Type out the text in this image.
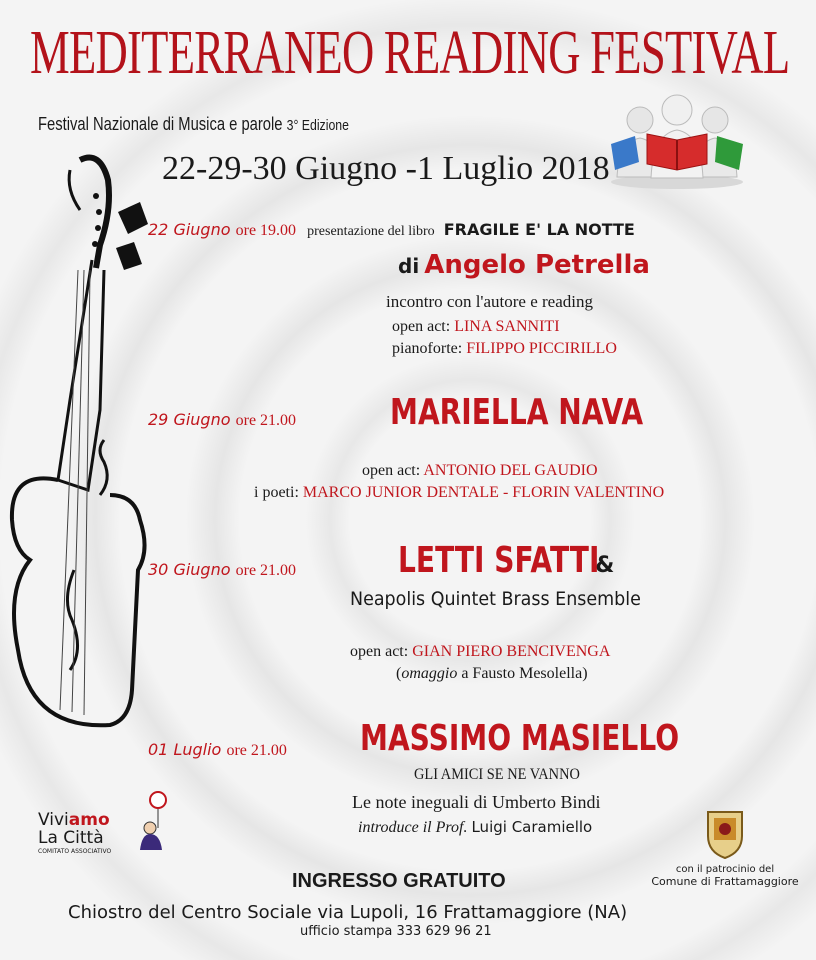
MEDITERRANEO READING FESTIVAL
Festival Nazionale di Musica e parole 3° Edizione
22-29-30 Giugno -1 Luglio 2018
22 Giugno ore 19.00 presentazione del libro FRAGILE E' LA NOTTE
di Angelo Petrella
incontro con l'autore e reading
open act: LINA SANNITI
pianoforte: FILIPPO PICCIRILLO
29 Giugno ore 21.00	MARIELLA NAVA
open act: ANTONIO DEL GAUDIO
i poeti: MARCO JUNIOR DENTALE - FLORIN VALENTINO
30 Giugno ore 21.00	LETTI SFATTI &
Neapolis Quintet Brass Ensemble
open act: GIAN PIERO BENCIVENGA
(omaggio a Fausto Mesolella)
01 Luglio ore 21.00 MASSIMO MASIELLO
GLI AMICI SE NE VANNO
Le note ineguali di Umberto Bindi
introduce il Prof. Luigi Caramiello
Viviamo
La Città
COMITATO ASSOCIATIVO
con il patrocinio del
Comune di Frattamaggiore
INGRESSO GRATUITO
Chiostro del Centro Sociale via Lupoli, 16 Frattamaggiore (NA)
ufficio stampa 333 629 96 21
